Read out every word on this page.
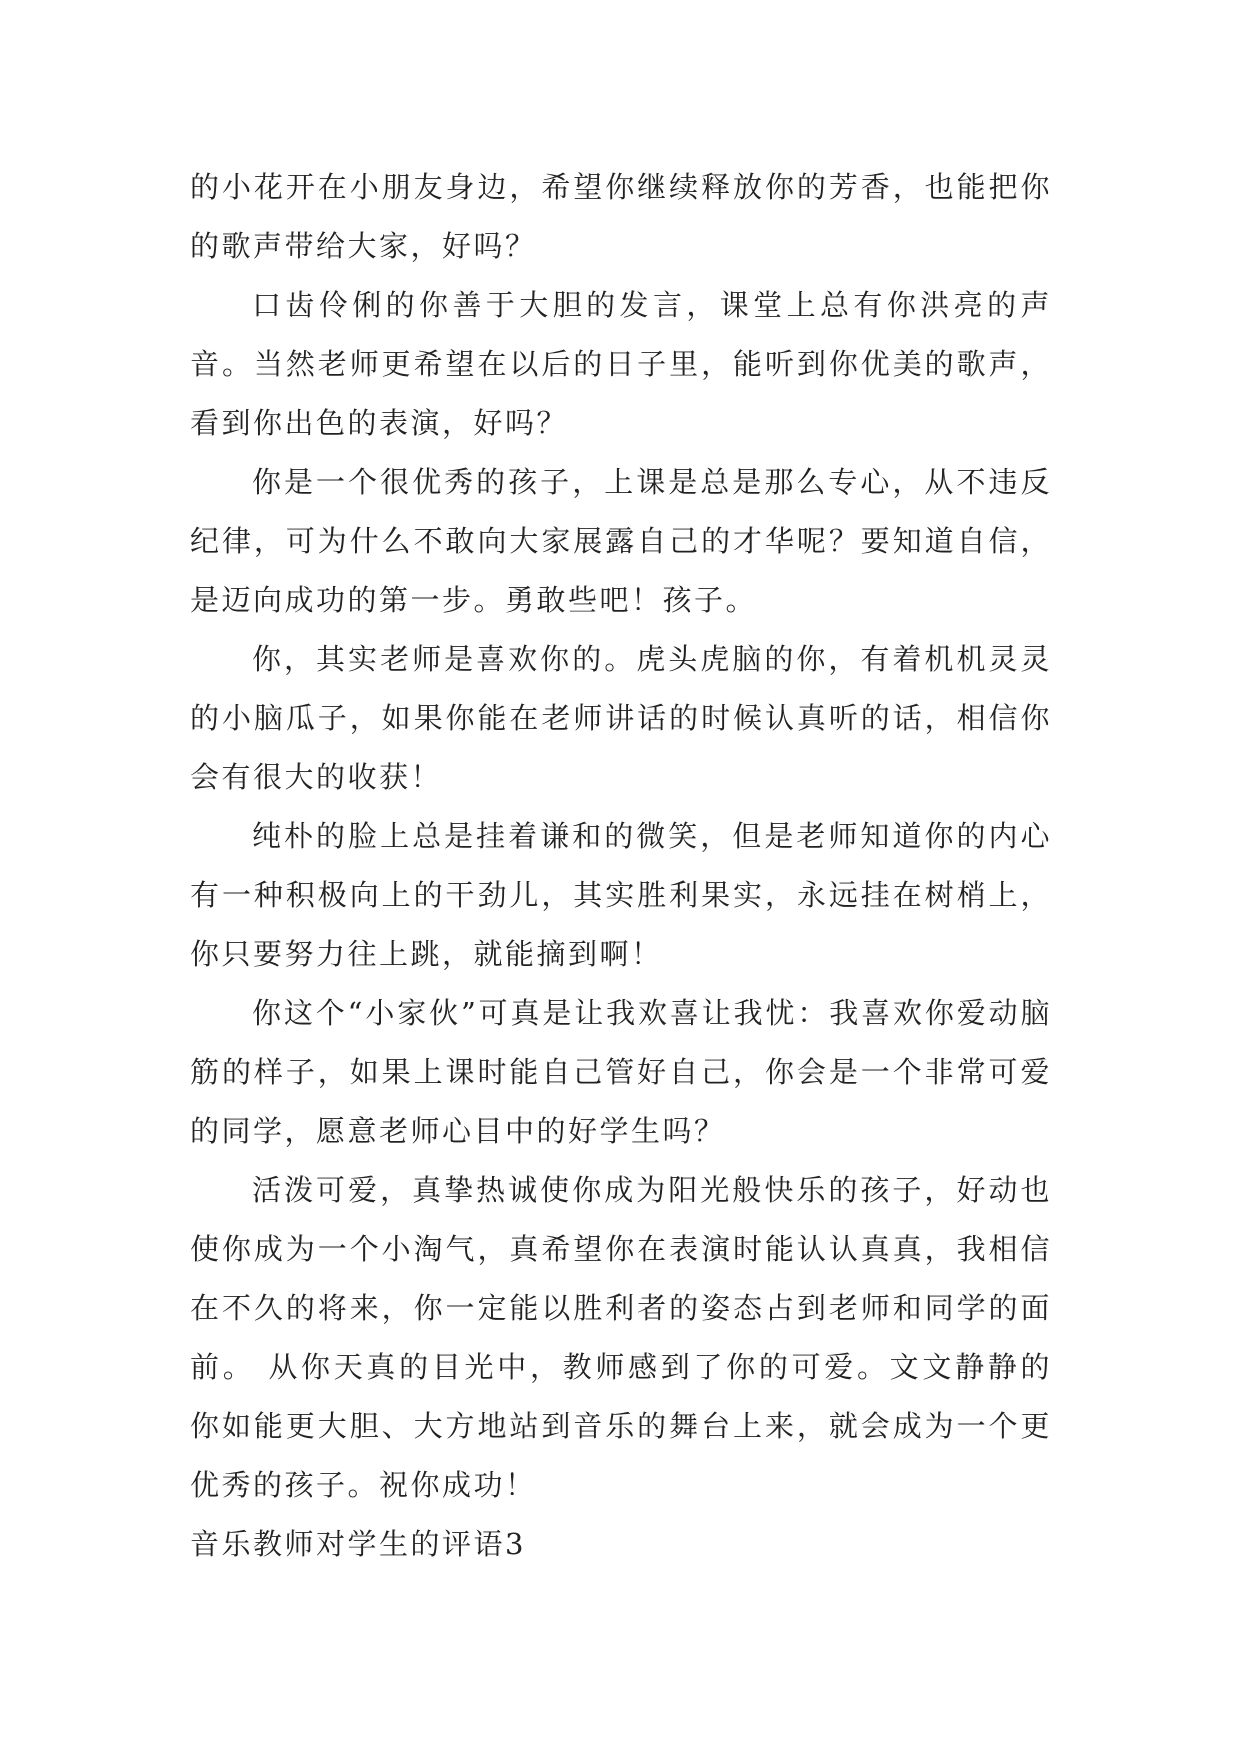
的小花开在小朋友身边，希望你继续释放你的芳香，也能把你的歌声带给大家，好吗？

口齿伶俐的你善于大胆的发言，课堂上总有你洪亮的声音。当然老师更希望在以后的日子里，能听到你优美的歌声，看到你出色的表演，好吗？

你是一个很优秀的孩子，上课是总是那么专心，从不违反纪律，可为什么不敢向大家展露自己的才华呢？要知道自信，是迈向成功的第一步。勇敢些吧！孩子。

你，其实老师是喜欢你的。虎头虎脑的你，有着机机灵灵的小脑瓜子，如果你能在老师讲话的时候认真听的话，相信你会有很大的收获！

纯朴的脸上总是挂着谦和的微笑，但是老师知道你的内心有一种积极向上的干劲儿，其实胜利果实，永远挂在树梢上，你只要努力往上跳，就能摘到啊！

你这个“小家伙”可真是让我欢喜让我忧：我喜欢你爱动脑筋的样子，如果上课时能自己管好自己，你会是一个非常可爱的同学，愿意老师心目中的好学生吗？

活泼可爱，真挚热诚使你成为阳光般快乐的孩子，好动也使你成为一个小淘气，真希望你在表演时能认认真真，我相信在不久的将来，你一定能以胜利者的姿态占到老师和同学的面前。 从你天真的目光中，教师感到了你的可爱。文文静静的你如能更大胆、大方地站到音乐的舞台上来，就会成为一个更优秀的孩子。祝你成功！

音乐教师对学生的评语3
